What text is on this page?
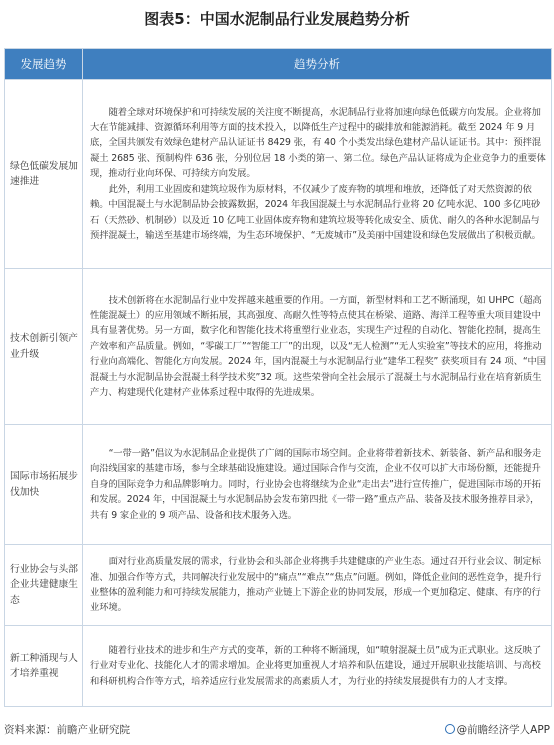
图表5：中国水泥制品行业发展趋势分析
发展趋势	趋势分析
绿色低碳发展加速推进	随着全球对环境保护和可持续发展的关注度不断提高，水泥制品行业将加速向绿色低碳方向发展。企业将加大在节能减排、资源循环利用等方面的技术投入，以降低生产过程中的碳排放和能源消耗。截至 2024 年 9 月底，全国共颁发有效绿色建材产品认证证书 8429 张，有 40 个小类发出绿色建材产品认证证书。其中：预拌混凝土 2685 张、预制构件 636 张，分别位居 18 小类的第一、第二位。绿色产品认证将成为企业竞争力的重要体现，推动行业向环保、可持续方向发展。

此外，利用工业固废和建筑垃圾作为原材料，不仅减少了废弃物的填埋和堆放，还降低了对天然资源的依赖。中国混凝土与水泥制品协会披露数据，2024 年我国混凝土与水泥制品行业将 20 亿吨水泥、100 多亿吨砂石（天然砂、机制砂）以及近 10 亿吨工业固体废弃物和建筑垃圾等转化成安全、质优、耐久的各种水泥制品与预拌混凝土，输送至基建市场终端，为生态环境保护、“无废城市”及美丽中国建设和绿色发展做出了积极贡献。

技术创新引领产业升级	技术创新将在水泥制品行业中发挥越来越重要的作用。一方面，新型材料和工艺不断涌现，如 UHPC（超高性能混凝土）的应用领域不断拓展，其高强度、高耐久性等特点使其在桥梁、道路、海洋工程等重大项目建设中具有显著优势。另一方面，数字化和智能化技术将重塑行业业态，实现生产过程的自动化、智能化控制，提高生产效率和产品质量。例如，“零碳工厂”“智能工厂”的出现，以及“无人检测”“无人实验室”等技术的应用，将推动行业向高端化、智能化方向发展。2024 年，国内混凝土与水泥制品行业“建华工程奖” 获奖项目有 24 项、“中国混凝土与水泥制品协会混凝土科学技术奖”32 项。这些荣誉向全社会展示了混凝土与水泥制品行业在培育新质生产力、构建现代化建材产业体系过程中取得的先进成果。

国际市场拓展步伐加快	“一带一路”倡议为水泥制品企业提供了广阔的国际市场空间。企业将带着新技术、新装备、新产品和服务走向沿线国家的基建市场，参与全球基础设施建设。通过国际合作与交流，企业不仅可以扩大市场份额，还能提升自身的国际竞争力和品牌影响力。同时，行业协会也将继续为企业“走出去”进行宣传推广，促进国际市场的开拓和发展。2024 年，中国混凝土与水泥制品协会发布第四批《一带一路”重点产品、装备及技术服务推荐目录》，共有 9 家企业的 9 项产品、设备和技术服务入选。

行业协会与头部企业共建健康生态	面对行业高质量发展的需求，行业协会和头部企业将携手共建健康的产业生态。通过召开行业会议、制定标准、加强合作等方式，共同解决行业发展中的“痛点”“难点”“焦点”问题。例如，降低企业间的恶性竞争，提升行业整体的盈利能力和可持续发展能力，推动产业链上下游企业的协同发展，形成一个更加稳定、健康、有序的行业环境。

新工种涌现与人才培养重视	随着行业技术的进步和生产方式的变革，新的工种将不断涌现，如“喷射混凝土员”成为正式职业。这反映了行业对专业化、技能化人才的需求增加。企业将更加重视人才培养和队伍建设，通过开展职业技能培训、与高校和科研机构合作等方式，培养适应行业发展需求的高素质人才，为行业的持续发展提供有力的人才支撑。

资料来源：前瞻产业研究院	@前瞻经济学人APP
